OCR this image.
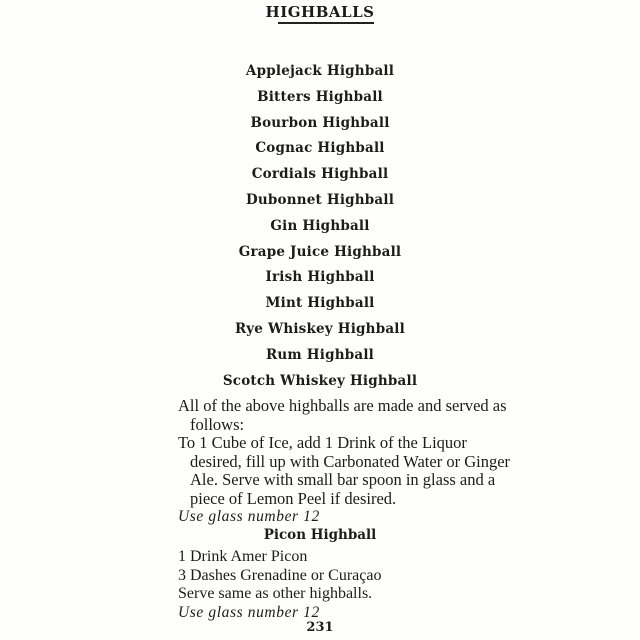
HIGHBALLS
Applejack Highball
Bitters Highball
Bourbon Highball
Cognac Highball
Cordials Highball
Dubonnet Highball
Gin Highball
Grape Juice Highball
Irish Highball
Mint Highball
Rye Whiskey Highball
Rum Highball
Scotch Whiskey Highball

All of the above highballs are made and served as follows:

To 1 Cube of Ice, add 1 Drink of the Liquor desired, fill up with Carbonated Water or Ginger Ale. Serve with small bar spoon in glass and a piece of Lemon Peel if desired.

Use glass number 12
Picon Highball
1 Drink Amer Picon
3 Dashes Grenadine or Curaçao
Serve same as other highballs.
Use glass number 12
231
